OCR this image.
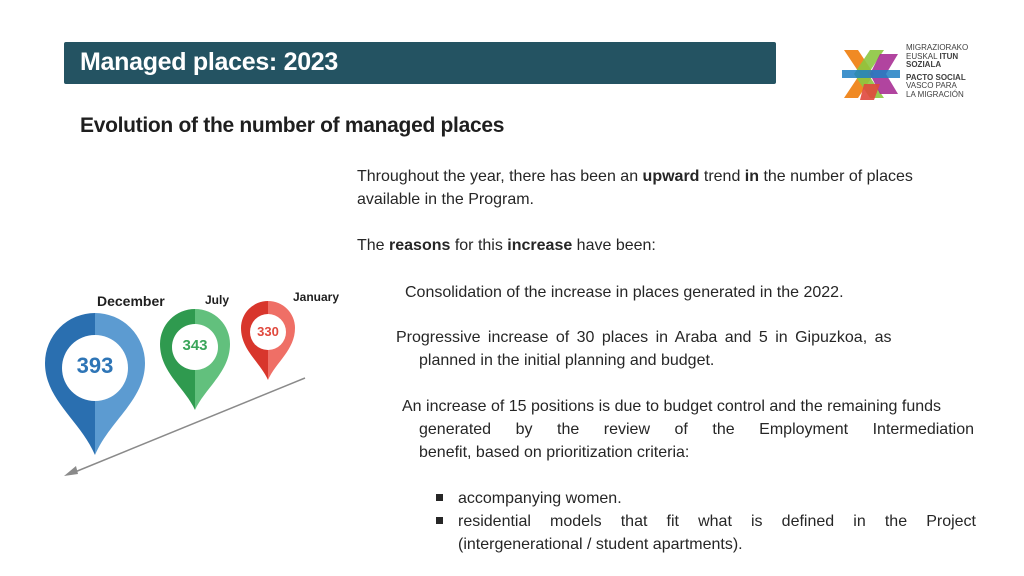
Managed places: 2023
MIGRAZIORAKO
EUSKAL ITUN
SOZIALA
PACTO SOCIAL
VASCO PARA
LA MIGRACIÓN
Evolution of the number of managed places
Throughout the year, there has been an upward trend in the number of places available in the Program.
The reasons for this increase have been:
Consolidation of the increase in places generated in the 2022.
Progressive increase of 30 places in Araba and 5 in Gipuzkoa, as
planned in the initial planning and budget.
An increase of 15 positions is due to budget control and the remaining funds
generated by the review of the Employment Intermediation
benefit, based on prioritization criteria:
accompanying women.
residential models that fit what is defined in the Project
(intergenerational / student apartments).
December	July	January
393
343
330
